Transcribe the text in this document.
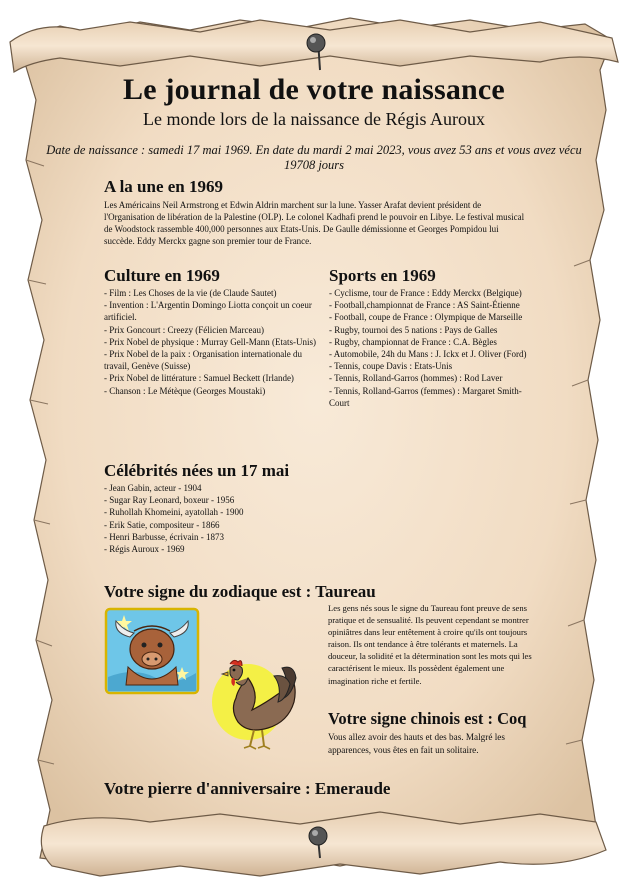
Le journal de votre naissance
Le monde lors de la naissance de Régis Auroux
Date de naissance : samedi 17 mai 1969. En date du mardi 2 mai 2023, vous avez 53 ans et vous avez vécu 19708 jours
A la une en 1969
Les Américains Neil Armstrong et Edwin Aldrin marchent sur la lune. Yasser Arafat devient président de l'Organisation de libération de la Palestine (OLP). Le colonel Kadhafi prend le pouvoir en Libye. Le festival musical de Woodstock rassemble 400,000 personnes aux Etats-Unis. De Gaulle démissionne et Georges Pompidou lui succède. Eddy Merckx gagne son premier tour de France.
Culture en 1969
- Film : Les Choses de la vie (de Claude Sautet)
- Invention : L'Argentin Domingo Liotta conçoit un coeur artificiel.
- Prix Goncourt : Creezy (Félicien Marceau)
- Prix Nobel de physique : Murray Gell-Mann (Etats-Unis)
- Prix Nobel de la paix : Organisation internationale du travail, Genève (Suisse)
- Prix Nobel de littérature : Samuel Beckett (Irlande)
- Chanson : Le Métèque (Georges Moustaki)
Sports en 1969
- Cyclisme, tour de France : Eddy Merckx (Belgique)
- Football,championnat de France : AS Saint-Étienne
- Football, coupe de France : Olympique de Marseille
- Rugby, tournoi des 5 nations : Pays de Galles
- Rugby, championnat de France : C.A. Bègles
- Automobile, 24h du Mans : J. Ickx et J. Oliver (Ford)
- Tennis, coupe Davis : Etats-Unis
- Tennis, Rolland-Garros (hommes) : Rod Laver
- Tennis, Rolland-Garros (femmes) : Margaret Smith-Court
Célébrités nées un 17 mai
- Jean Gabin, acteur - 1904
- Sugar Ray Leonard, boxeur - 1956
- Ruhollah Khomeini, ayatollah - 1900
- Erik Satie, compositeur - 1866
- Henri Barbusse, écrivain - 1873
- Régis Auroux - 1969
Votre signe du zodiaque est : Taureau
Les gens nés sous le signe du Taureau font preuve de sens pratique et de sensualité. Ils peuvent cependant se montrer opiniâtres dans leur entêtement à croire qu'ils ont toujours raison. Ils ont tendance à être tolérants et maternels. La douceur, la solidité et la détermination sont les mots qui les caractérisent le mieux. Ils possèdent également une imagination riche et fertile.
Votre signe chinois est : Coq
Vous allez avoir des hauts et des bas. Malgré les apparences, vous êtes en fait un solitaire.
Votre pierre d'anniversaire : Emeraude
